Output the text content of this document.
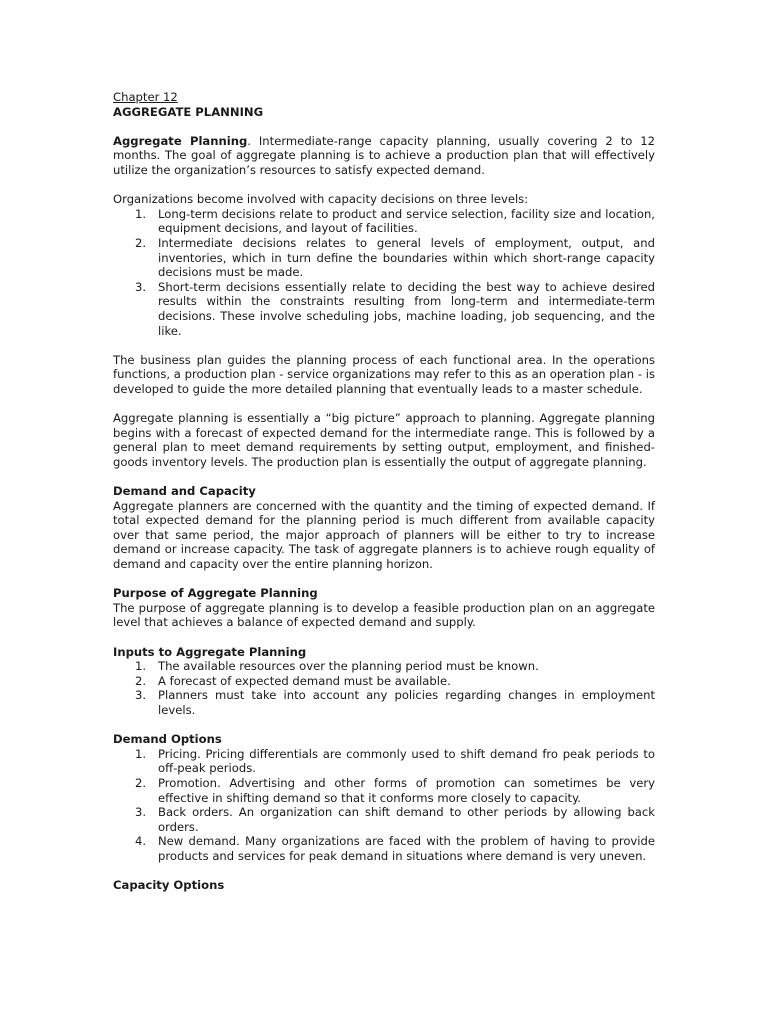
Chapter 12
AGGREGATE PLANNING

Aggregate Planning. Intermediate-range capacity planning, usually covering 2 to 12 months. The goal of aggregate planning is to achieve a production plan that will effectively utilize the organization’s resources to satisfy expected demand.

Organizations become involved with capacity decisions on three levels:

1. Long-term decisions relate to product and service selection, facility size and location, equipment decisions, and layout of facilities.
2. Intermediate decisions relates to general levels of employment, output, and inventories, which in turn define the boundaries within which short-range capacity decisions must be made.
3. Short-term decisions essentially relate to deciding the best way to achieve desired results within the constraints resulting from long-term and intermediate-term decisions. These involve scheduling jobs, machine loading, job sequencing, and the like.

The business plan guides the planning process of each functional area. In the operations functions, a production plan - service organizations may refer to this as an operation plan - is developed to guide the more detailed planning that eventually leads to a master schedule.

Aggregate planning is essentially a “big picture” approach to planning. Aggregate planning begins with a forecast of expected demand for the intermediate range. This is followed by a general plan to meet demand requirements by setting output, employment, and finished-goods inventory levels. The production plan is essentially the output of aggregate planning.

Demand and Capacity

Aggregate planners are concerned with the quantity and the timing of expected demand. If total expected demand for the planning period is much different from available capacity over that same period, the major approach of planners will be either to try to increase demand or increase capacity. The task of aggregate planners is to achieve rough equality of demand and capacity over the entire planning horizon.

Purpose of Aggregate Planning

The purpose of aggregate planning is to develop a feasible production plan on an aggregate level that achieves a balance of expected demand and supply.

Inputs to Aggregate Planning
1. The available resources over the planning period must be known.
2. A forecast of expected demand must be available.
3. Planners must take into account any policies regarding changes in employment levels.
Demand Options
1. Pricing. Pricing differentials are commonly used to shift demand fro peak periods to off-peak periods.
2. Promotion. Advertising and other forms of promotion can sometimes be very effective in shifting demand so that it conforms more closely to capacity.
3. Back orders. An organization can shift demand to other periods by allowing back orders.
4. New demand. Many organizations are faced with the problem of having to provide products and services for peak demand in situations where demand is very uneven.
Capacity Options
